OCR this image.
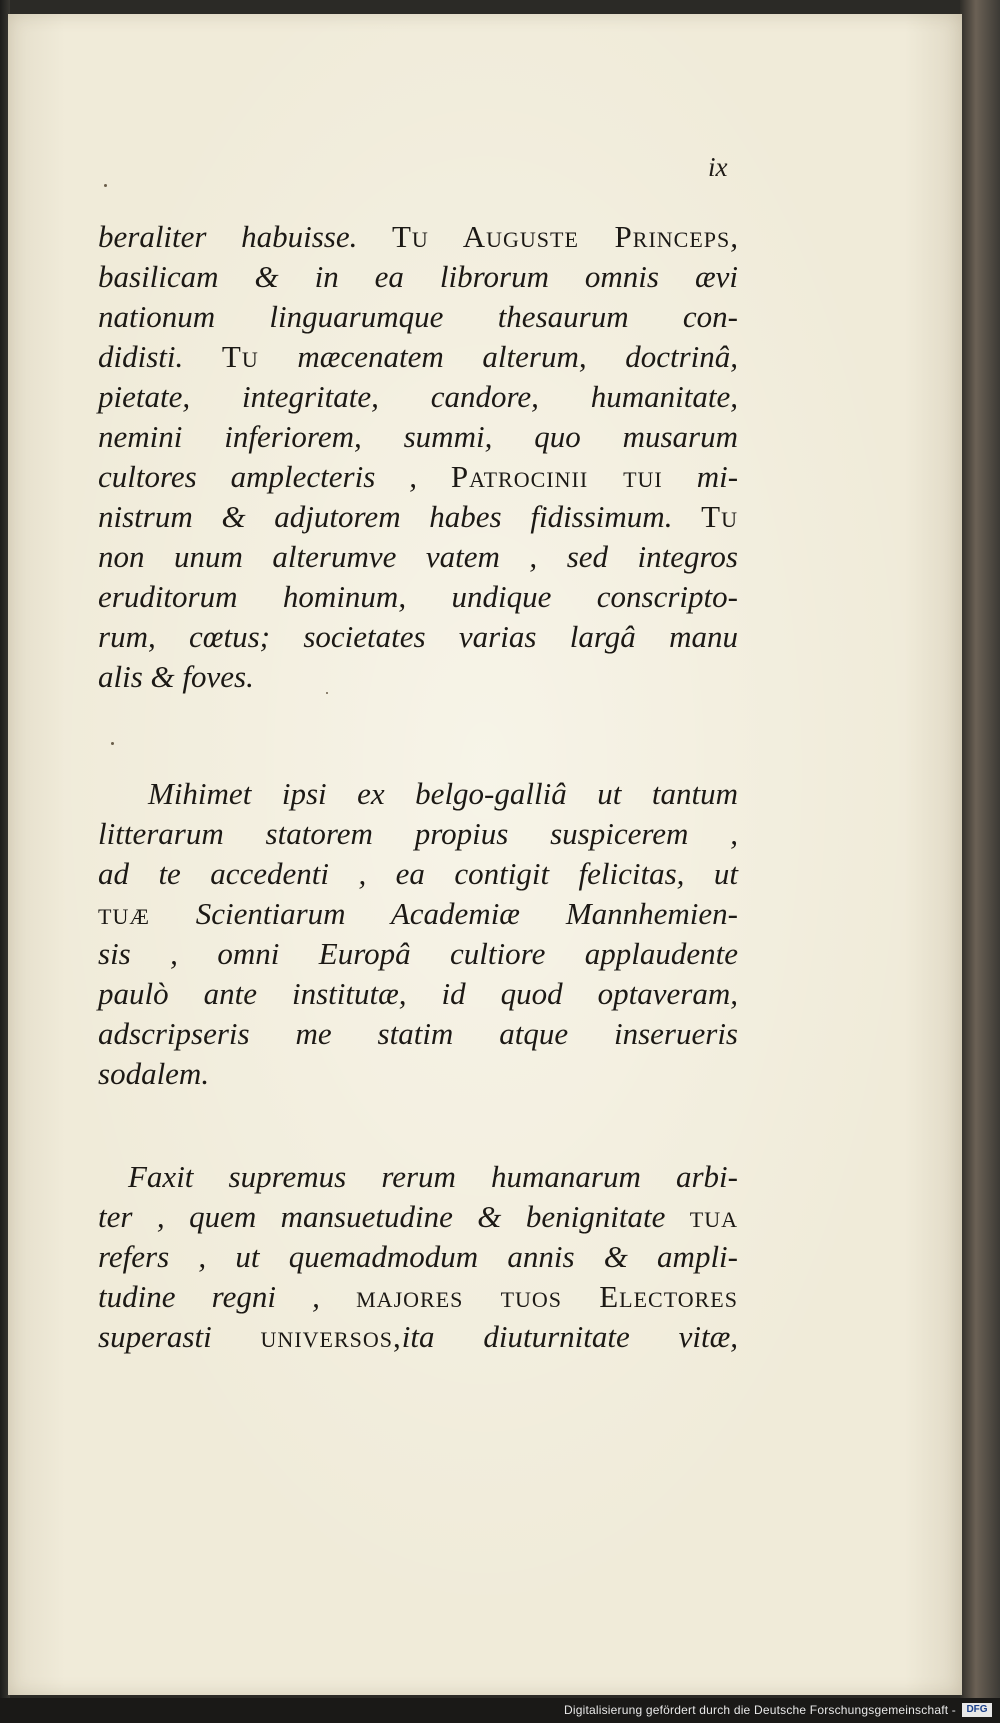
ix
beraliter habuisse. Tu Auguste Princeps,
basilicam & in ea librorum omnis ævi
nationum linguarumque thesaurum con-
didisti. Tu mæcenatem alterum, doctrinâ,
pietate, integritate, candore, humanitate,
nemini inferiorem, summi, quo musarum
cultores amplecteris , Patrocinii tui mi-
nistrum & adjutorem habes fidissimum. Tu
non unum alterumve vatem , sed integros
eruditorum hominum, undique conscripto-
rum, cœtus; societates varias largâ manu
alis & foves.
Mihimet ipsi ex belgo-galliâ ut tantum
litterarum statorem propius suspicerem ,
ad te accedenti , ea contigit felicitas, ut
tuæ Scientiarum Academiæ Mannhemien-
sis , omni Europâ cultiore applaudente
paulò ante institutæ, id quod optaveram,
adscripseris me statim atque inserueris
sodalem.
Faxit supremus rerum humanarum arbi-
ter , quem mansuetudine & benignitate tua
refers , ut quemadmodum annis & ampli-
tudine regni , majores tuos Electores
superasti universos,ita diuturnitate vitæ,
Digitalisierung gefördert durch die Deutsche Forschungsgemeinschaft -	DFG
